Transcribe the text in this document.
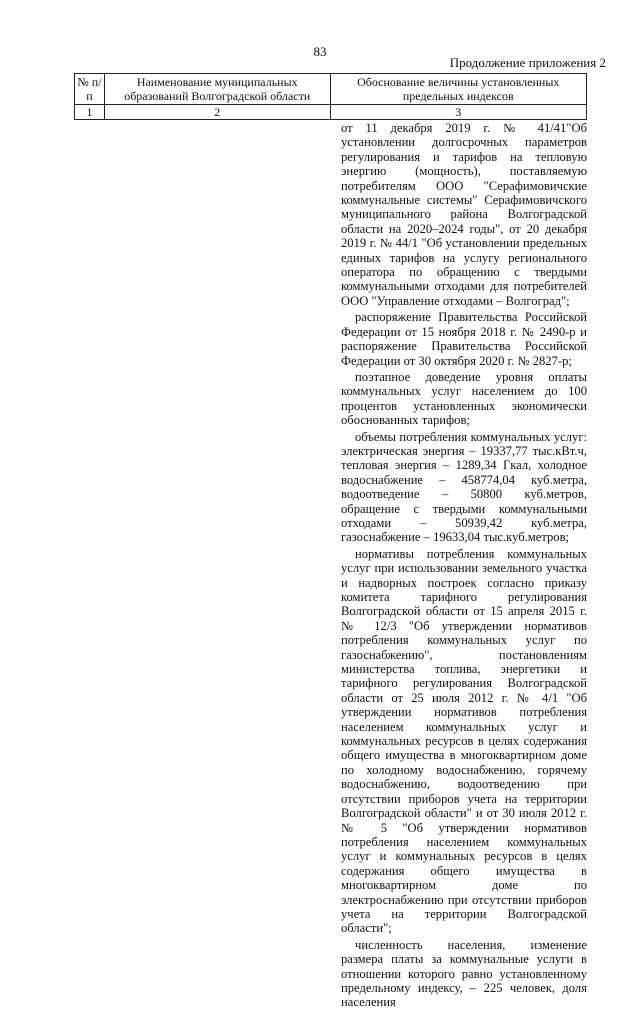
83
Продолжение приложения 2
№ п/п	Наименование муниципальных образований Волгоградской области	Обоснование величины установленных предельных индексов
1	2	3

от 11 декабря 2019 г. № 41/41"Об установлении долгосрочных параметров регулирования и тарифов на тепловую энергию (мощность), поставляемую потребителям ООО "Серафимовичские коммунальные системы" Серафимовичского муниципального района Волгоградской области на 2020–2024 годы", от 20 декабря 2019 г. № 44/1 "Об установлении предельных единых тарифов на услугу регионального оператора по обращению с твердыми коммунальными отходами для потребителей ООО "Управление отходами – Волгоград";

распоряжение Правительства Российской Федерации от 15 ноября 2018 г. № 2490-р и распоряжение Правительства Российской Федерации от 30 октября 2020 г. № 2827-р;

поэтапное доведение уровня оплаты коммунальных услуг населением до 100 процентов установленных экономически обоснованных тарифов;

объемы потребления коммунальных услуг: электрическая энергия – 19337,77 тыс.кВт.ч, тепловая энергия – 1289,34 Гкал, холодное водоснабжение – 458774,04 куб.метра, водоотведение – 50800 куб.метров, обращение с твердыми коммунальными отходами – 50939,42 куб.метра, газоснабжение – 19633,04 тыс.куб.метров;

нормативы потребления коммунальных услуг при использовании земельного участка и надворных построек согласно приказу комитета тарифного регулирования Волгоградской области от 15 апреля 2015 г. № 12/3 "Об утверждении нормативов потребления коммунальных услуг по газоснабжению", постановлениям министерства топлива, энергетики и тарифного регулирования Волгоградской области от 25 июля 2012 г. № 4/1 "Об утверждении нормативов потребления населением коммунальных услуг и коммунальных ресурсов в целях содержания общего имущества в многоквартирном доме по холодному водоснабжению, горячему водоснабжению, водоотведению при отсутствии приборов учета на территории Волгоградской области" и от 30 июля 2012 г. № 5 "Об утверждении нормативов потребления населением коммунальных услуг и коммунальных ресурсов в целях содержания общего имущества в многоквартирном доме по электроснабжению при отсутствии приборов учета на территории Волгоградской области";

численность населения, изменение размера платы за коммунальные услуги в отношении которого равно установленному предельному индексу, – 225 человек, доля населения
